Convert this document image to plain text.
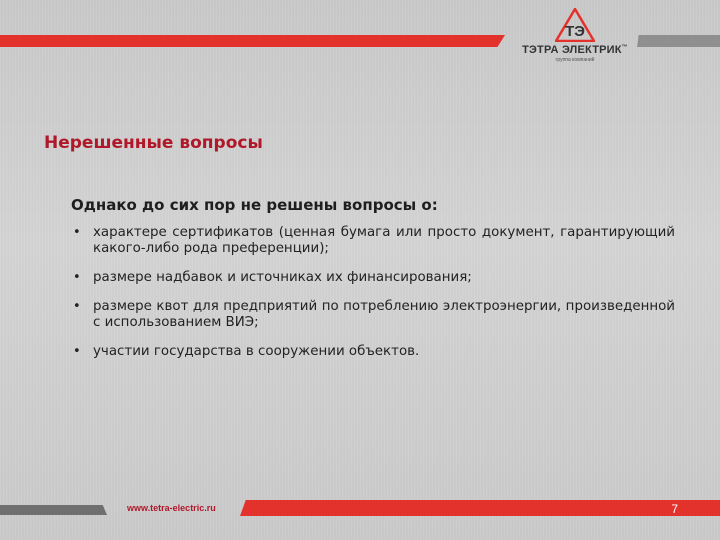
ТЭ
ТЭТРА ЭЛЕКТРИК™
группа компаний
Нерешенные вопросы
Однако до сих пор не решены вопросы о:
• характере сертификатов (ценная бумага или просто документ, гарантирующий какого-либо рода преференции);
• размере надбавок и источниках их финансирования;
• размере квот для предприятий по потреблению электроэнергии, произведенной с использованием ВИЭ;
• участии государства в сооружении объектов.
www.tetra-electric.ru	7
